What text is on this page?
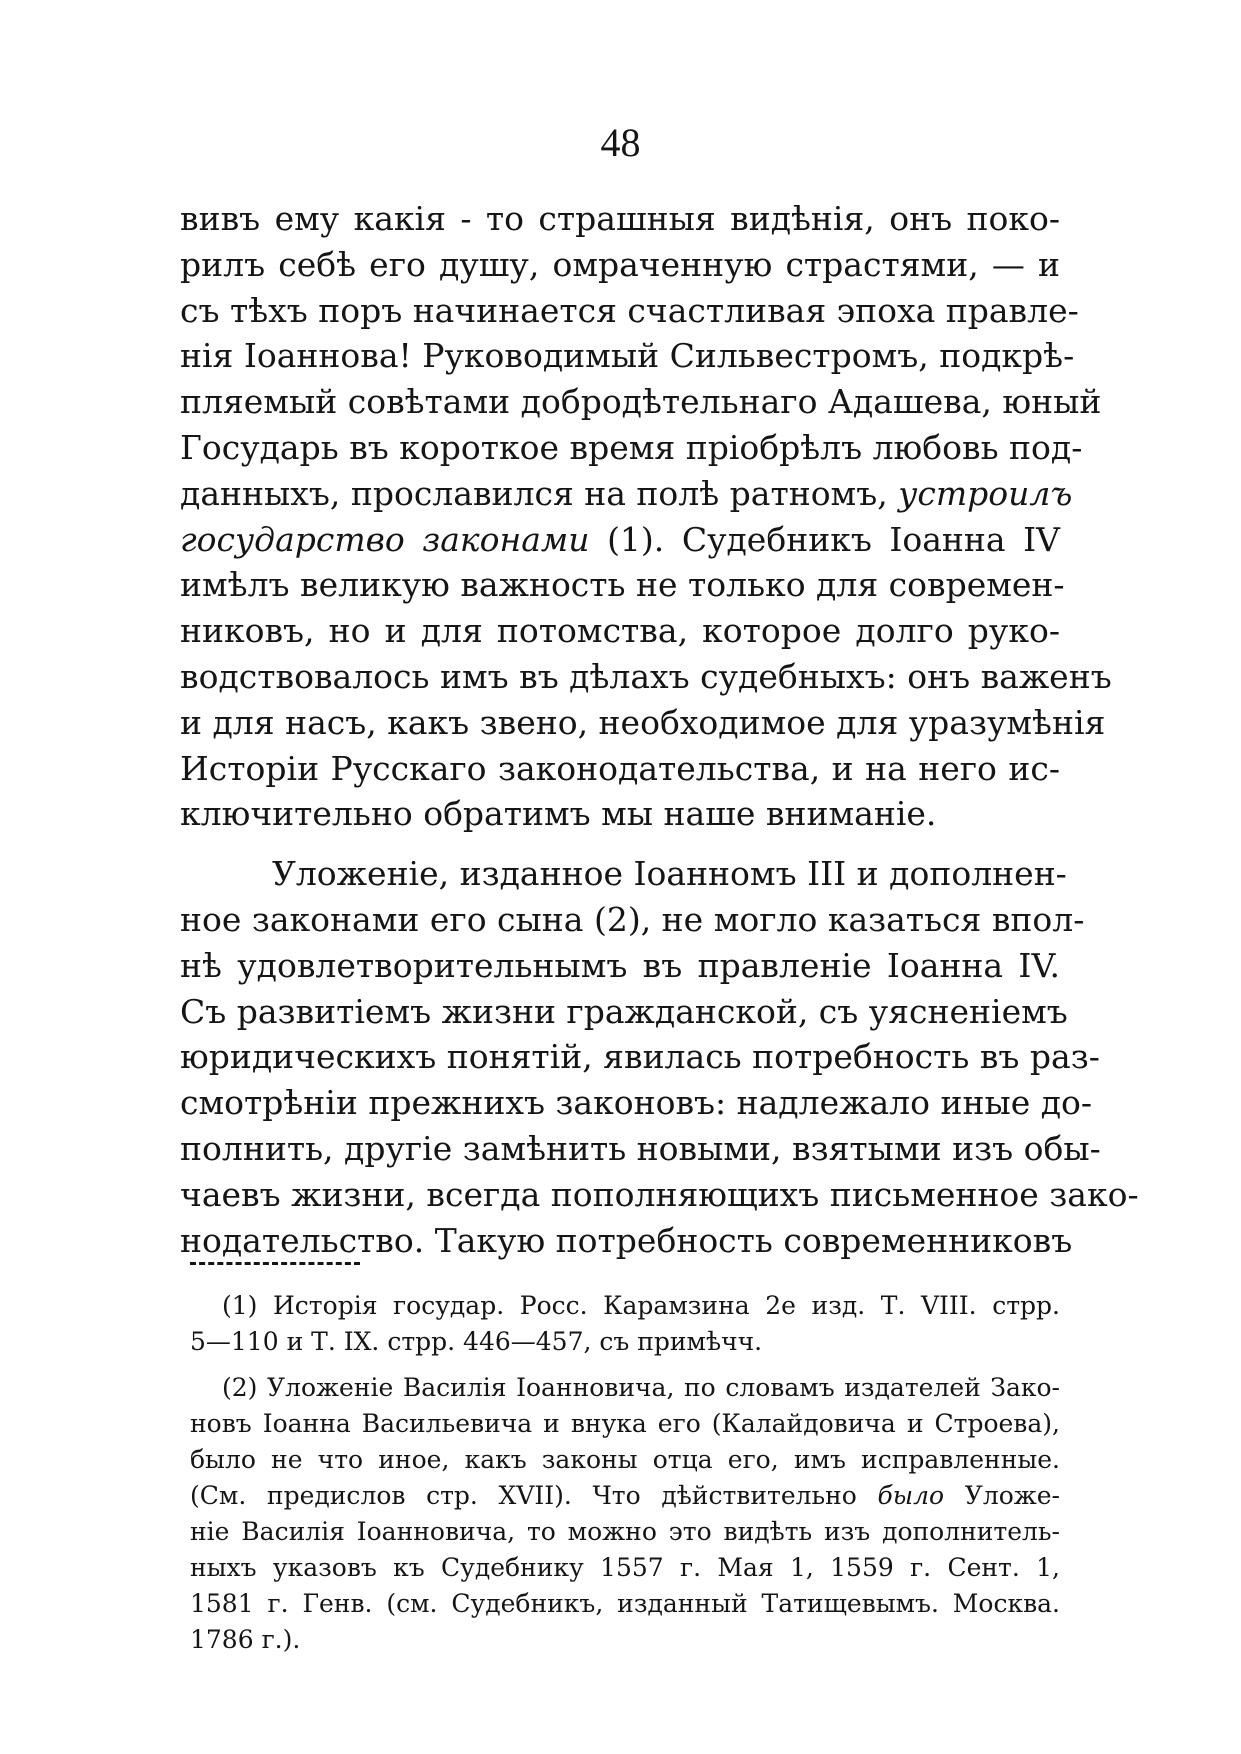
48
вивъ ему какія - то страшныя видѣнія, онъ поко-
рилъ себѣ его душу, омраченную страстями, — и
съ тѣхъ поръ начинается счастливая эпоха правле-
нія Іоаннова! Руководимый Сильвестромъ, подкрѣ-
пляемый совѣтами добродѣтельнаго Адашева, юный
Государь въ короткое время пріобрѣлъ любовь под-
данныхъ, прославился на полѣ ратномъ, устроилъ
государство законами (1). Судебникъ Іоанна IV
имѣлъ великую важность не только для современ-
никовъ, но и для потомства, которое долго руко-
водствовалось имъ въ дѣлахъ судебныхъ: онъ важенъ
и для насъ, какъ звено, необходимое для уразумѣнія
Исторіи Русскаго законодательства, и на него ис-
ключительно обратимъ мы наше вниманіе.
Уложеніе, изданное Іоанномъ III и дополнен-
ное законами его сына (2), не могло казаться впол-
нѣ удовлетворительнымъ въ правленіе Іоанна IV.
Съ развитіемъ жизни гражданской, съ уясненіемъ
юридическихъ понятій, явилась потребность въ раз-
смотрѣніи прежнихъ законовъ: надлежало иные до-
полнить, другіе замѣнить новыми, взятыми изъ обы-
чаевъ жизни, всегда пополняющихъ письменное зако-
нодательство. Такую потребность современниковъ
(1) Исторія государ. Росс. Карамзина 2е изд. Т. VIII. стрр.
5—110 и Т. IX. стрр. 446—457, съ примѣчч.
(2) Уложеніе Василія Іоанновича, по словамъ издателей Зако-
новъ Іоанна Васильевича и внука его (Калайдовича и Строева),
было не что иное, какъ законы отца его, имъ исправленные.
(См. предислов стр. XVII). Что дѣйствительно было Уложе-
ніе Василія Іоанновича, то можно это видѣть изъ дополнитель-
ныхъ указовъ къ Судебнику 1557 г. Мая 1, 1559 г. Сент. 1,
1581 г. Генв. (см. Судебникъ, изданный Татищевымъ. Москва.
1786 г.).
